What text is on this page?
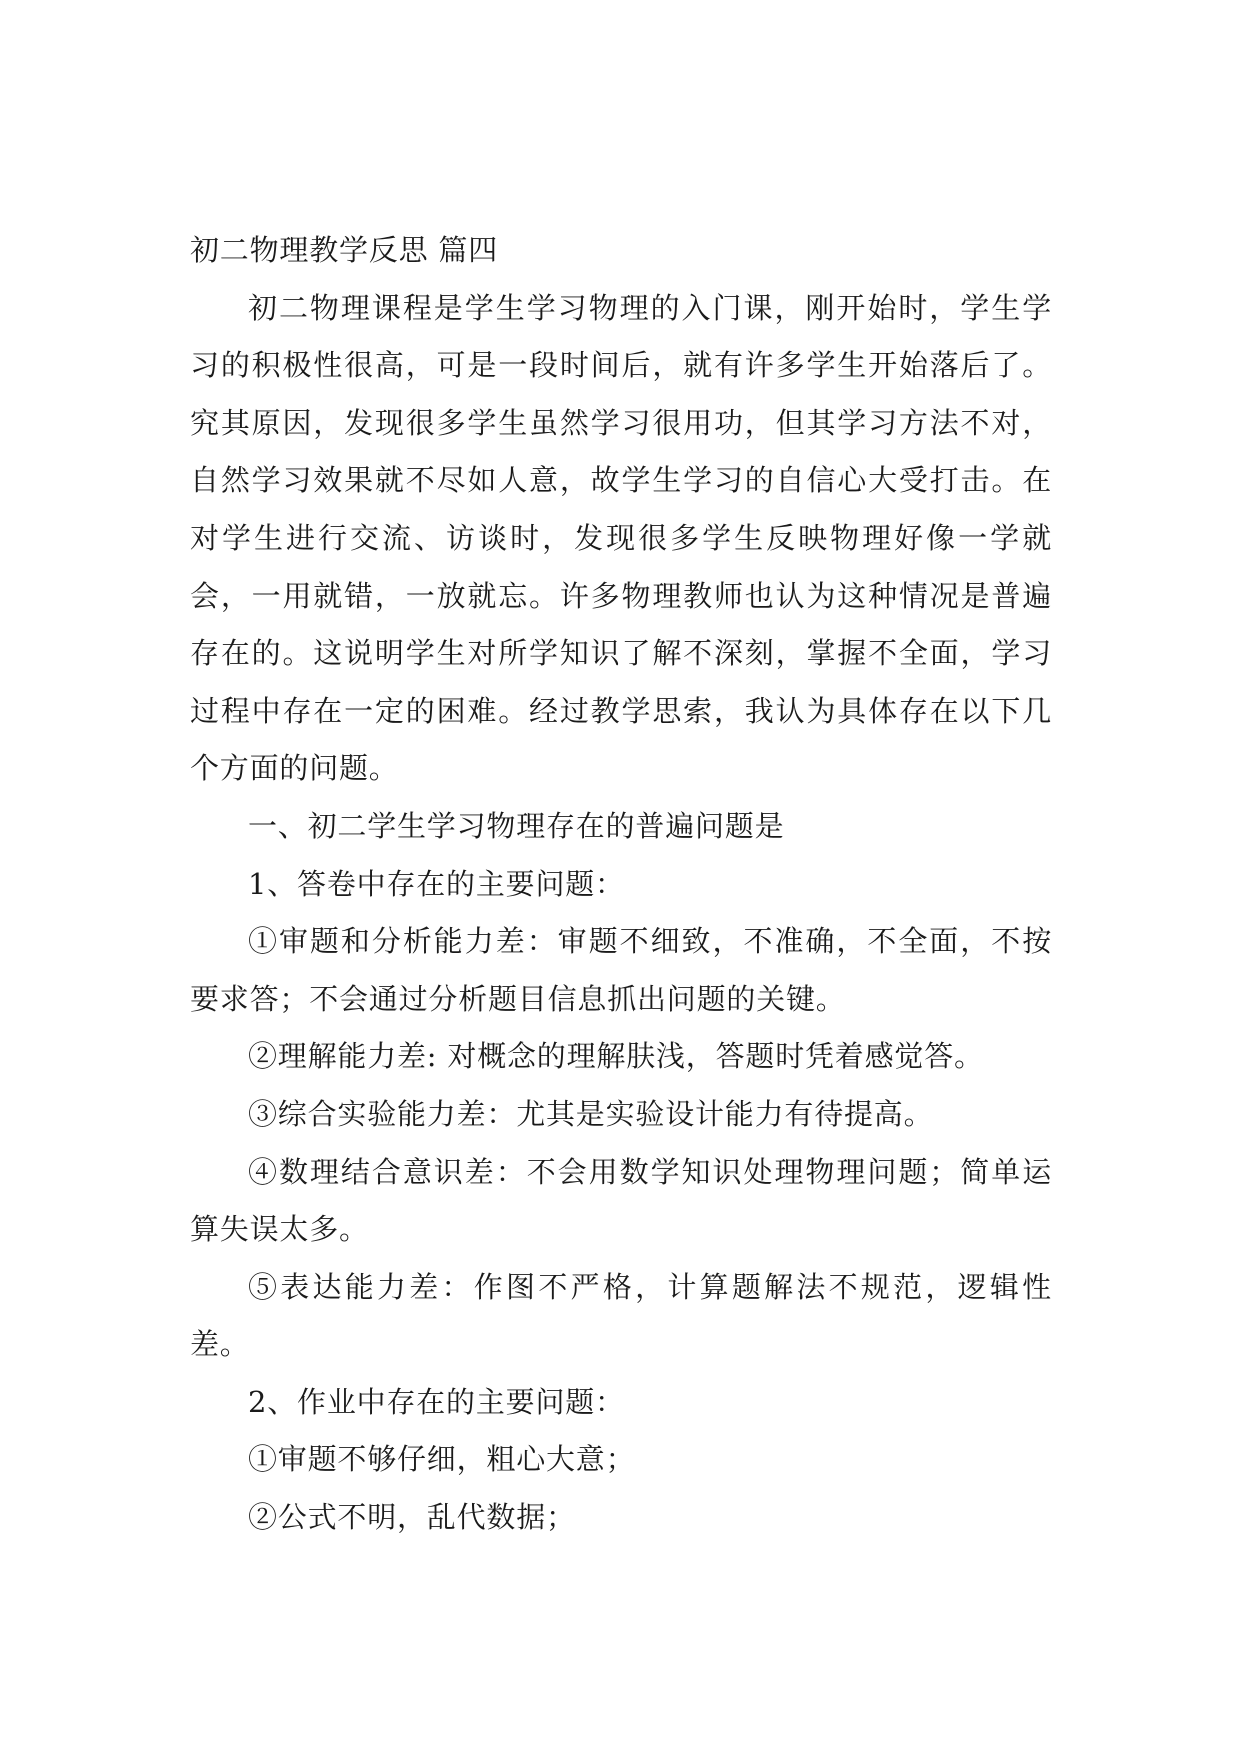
初二物理教学反思 篇四

初二物理课程是学生学习物理的入门课，刚开始时，学生学习的积极性很高，可是一段时间后，就有许多学生开始落后了。究其原因，发现很多学生虽然学习很用功，但其学习方法不对，自然学习效果就不尽如人意，故学生学习的自信心大受打击。在对学生进行交流、访谈时，发现很多学生反映物理好像一学就会，一用就错，一放就忘。许多物理教师也认为这种情况是普遍存在的。这说明学生对所学知识了解不深刻，掌握不全面，学习过程中存在一定的困难。经过教学思索，我认为具体存在以下几个方面的问题。

一、初二学生学习物理存在的普遍问题是

1、答卷中存在的主要问题：

①审题和分析能力差：审题不细致，不准确，不全面，不按要求答；不会通过分析题目信息抓出问题的关键。

②理解能力差: 对概念的理解肤浅，答题时凭着感觉答。

③综合实验能力差：尤其是实验设计能力有待提高。

④数理结合意识差：不会用数学知识处理物理问题；简单运算失误太多。

⑤表达能力差：作图不严格，计算题解法不规范，逻辑性差。

2、作业中存在的主要问题：

①审题不够仔细，粗心大意；

②公式不明，乱代数据；
